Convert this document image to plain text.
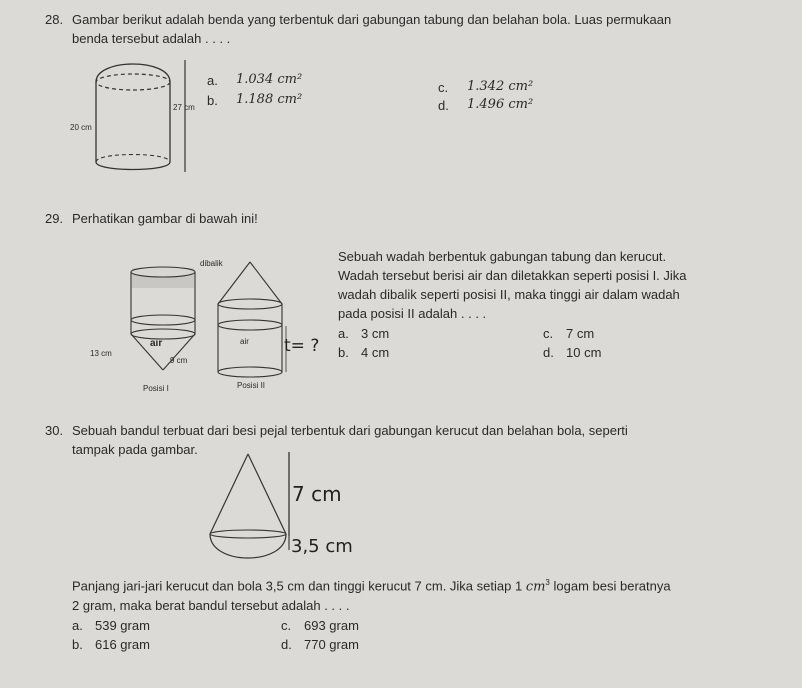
28. Gambar berikut adalah benda yang terbentuk dari gabungan tabung dan belahan bola. Luas permukaan
benda tersebut adalah . . . .
27 cm
20 cm
a. 1.034 cm²
b. 1.188 cm²
c. 1.342 cm²
d. 1.496 cm²
29. Perhatikan gambar di bawah ini!
13 cm
air
9 cm
dibalik
air t= ?
Posisi I	Posisi II
Sebuah wadah berbentuk gabungan tabung dan kerucut.
Wadah tersebut berisi air dan diletakkan seperti posisi I. Jika
wadah dibalik seperti posisi II, maka tinggi air dalam wadah
pada posisi II adalah . . . .
a. 3 cm
b. 4 cm
c. 7 cm
d. 10 cm
30. Sebuah bandul terbuat dari besi pejal terbentuk dari gabungan kerucut dan belahan bola, seperti
tampak pada gambar.
7 cm
3,5 cm
Panjang jari-jari kerucut dan bola 3,5 cm dan tinggi kerucut 7 cm. Jika setiap 1 $cm^3$ logam besi beratnya
2 gram, maka berat bandul tersebut adalah . . . .
a. 539 gram
b. 616 gram
c. 693 gram
d. 770 gram
